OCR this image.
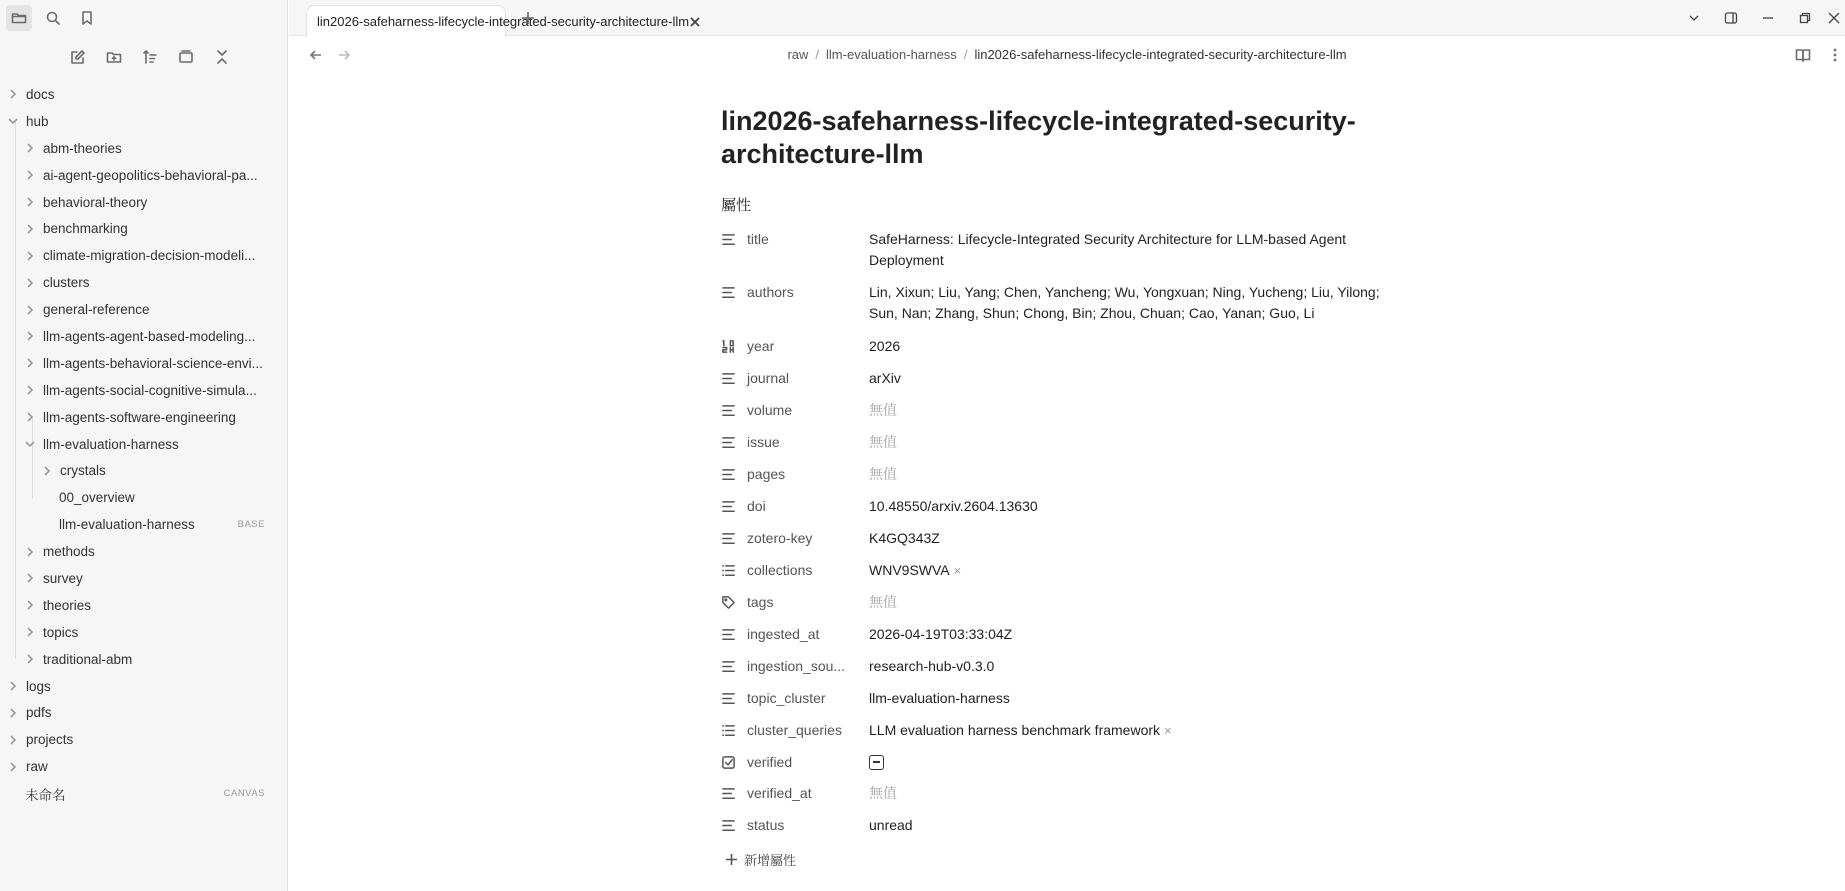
docs
hub
abm-theories
ai-agent-geopolitics-behavioral-pa...
behavioral-theory
benchmarking
climate-migration-decision-modeli...
clusters
general-reference
llm-agents-agent-based-modeling...
llm-agents-behavioral-science-envi...
llm-agents-social-cognitive-simula...
llm-agents-software-engineering
llm-evaluation-harness
crystals
00_overview
llm-evaluation-harness	BASE
methods
survey
theories
topics
traditional-abm
logs
pdfs
projects
raw
未命名	CANVAS
lin2026-safeharness-lifecycle-integrated-security-architecture-llm
raw / llm-evaluation-harness / lin2026-safeharness-lifecycle-integrated-security-architecture-llm
lin2026-safeharness-lifecycle-integrated-security-architecture-llm
屬性
title	SafeHarness: Lifecycle-Integrated Security Architecture for LLM-based Agent Deployment
authors	Lin, Xixun; Liu, Yang; Chen, Yancheng; Wu, Yongxuan; Ning, Yucheng; Liu, Yilong; Sun, Nan; Zhang, Shun; Chong, Bin; Zhou, Chuan; Cao, Yanan; Guo, Li
year	2026
journal	arXiv
volume	無值
issue	無值
pages	無值
doi	10.48550/arxiv.2604.13630
zotero-key	K4GQ343Z
collections	WNV9SWVA ×
tags	無值
ingested_at	2026-04-19T03:33:04Z
ingestion_sou...	research-hub-v0.3.0
topic_cluster	llm-evaluation-harness
cluster_queries	LLM evaluation harness benchmark framework ×
verified
verified_at	無值
status	unread
新增屬性
